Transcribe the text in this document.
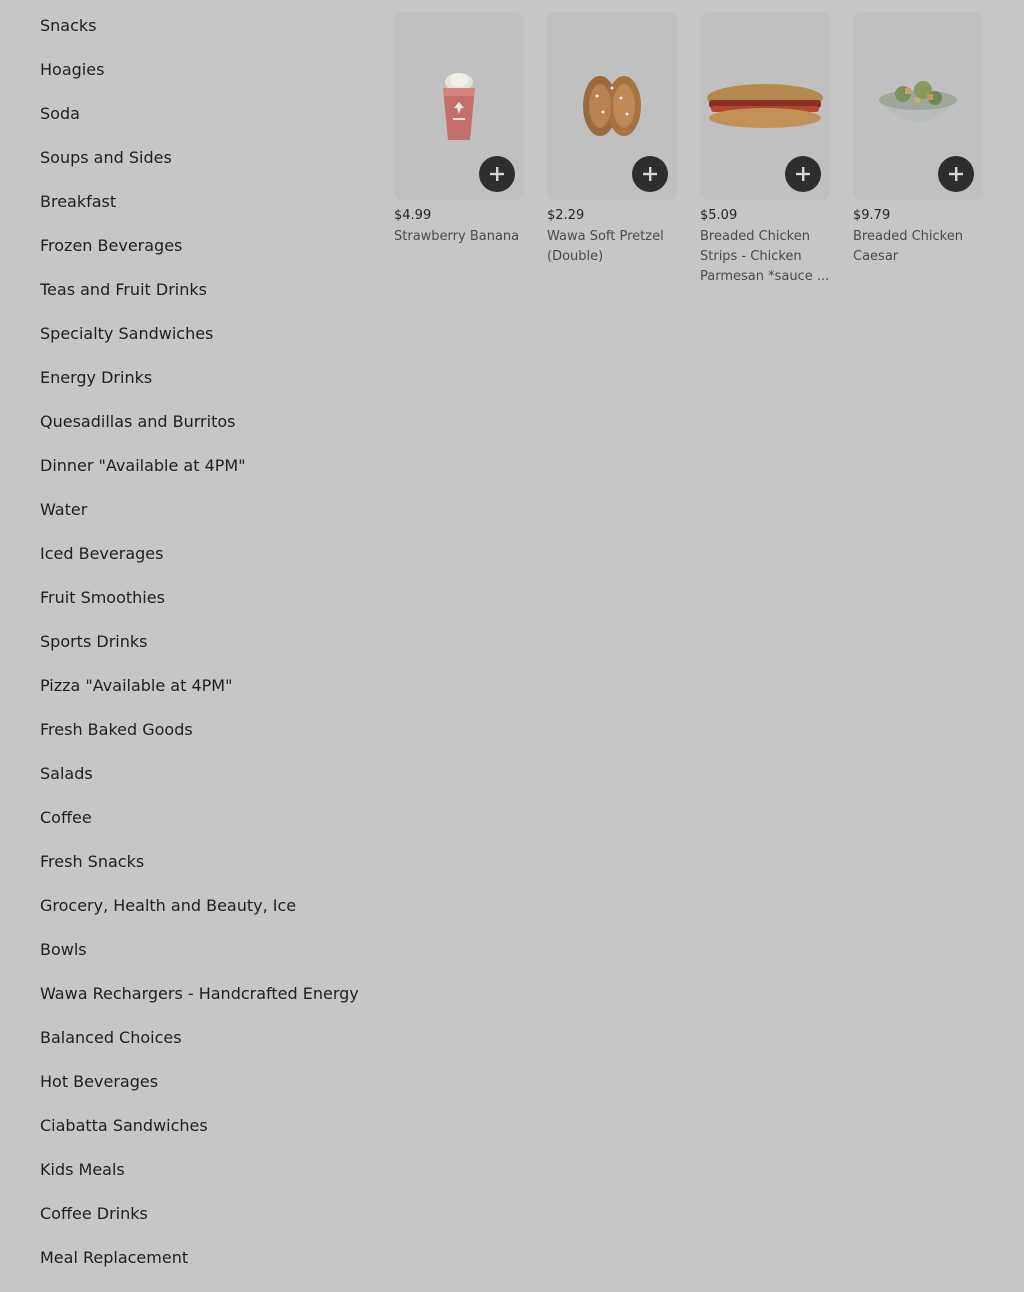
Snacks
Hoagies
Soda
Soups and Sides
Breakfast
Frozen Beverages
Teas and Fruit Drinks
Specialty Sandwiches
Energy Drinks
Quesadillas and Burritos
Dinner "Available at 4PM"
Water
Iced Beverages
Fruit Smoothies
Sports Drinks
Pizza "Available at 4PM"
Fresh Baked Goods
Salads
Coffee
Fresh Snacks
Grocery, Health and Beauty, Ice
Bowls
Wawa Rechargers - Handcrafted Energy
Balanced Choices
Hot Beverages
Ciabatta Sandwiches
Kids Meals
Coffee Drinks
Meal Replacement
$4.99
Strawberry Banana
$2.29
Wawa Soft Pretzel (Double)
$5.09
Breaded Chicken Strips - Chicken Parmesan *sauce ...
$9.79
Breaded Chicken Caesar
